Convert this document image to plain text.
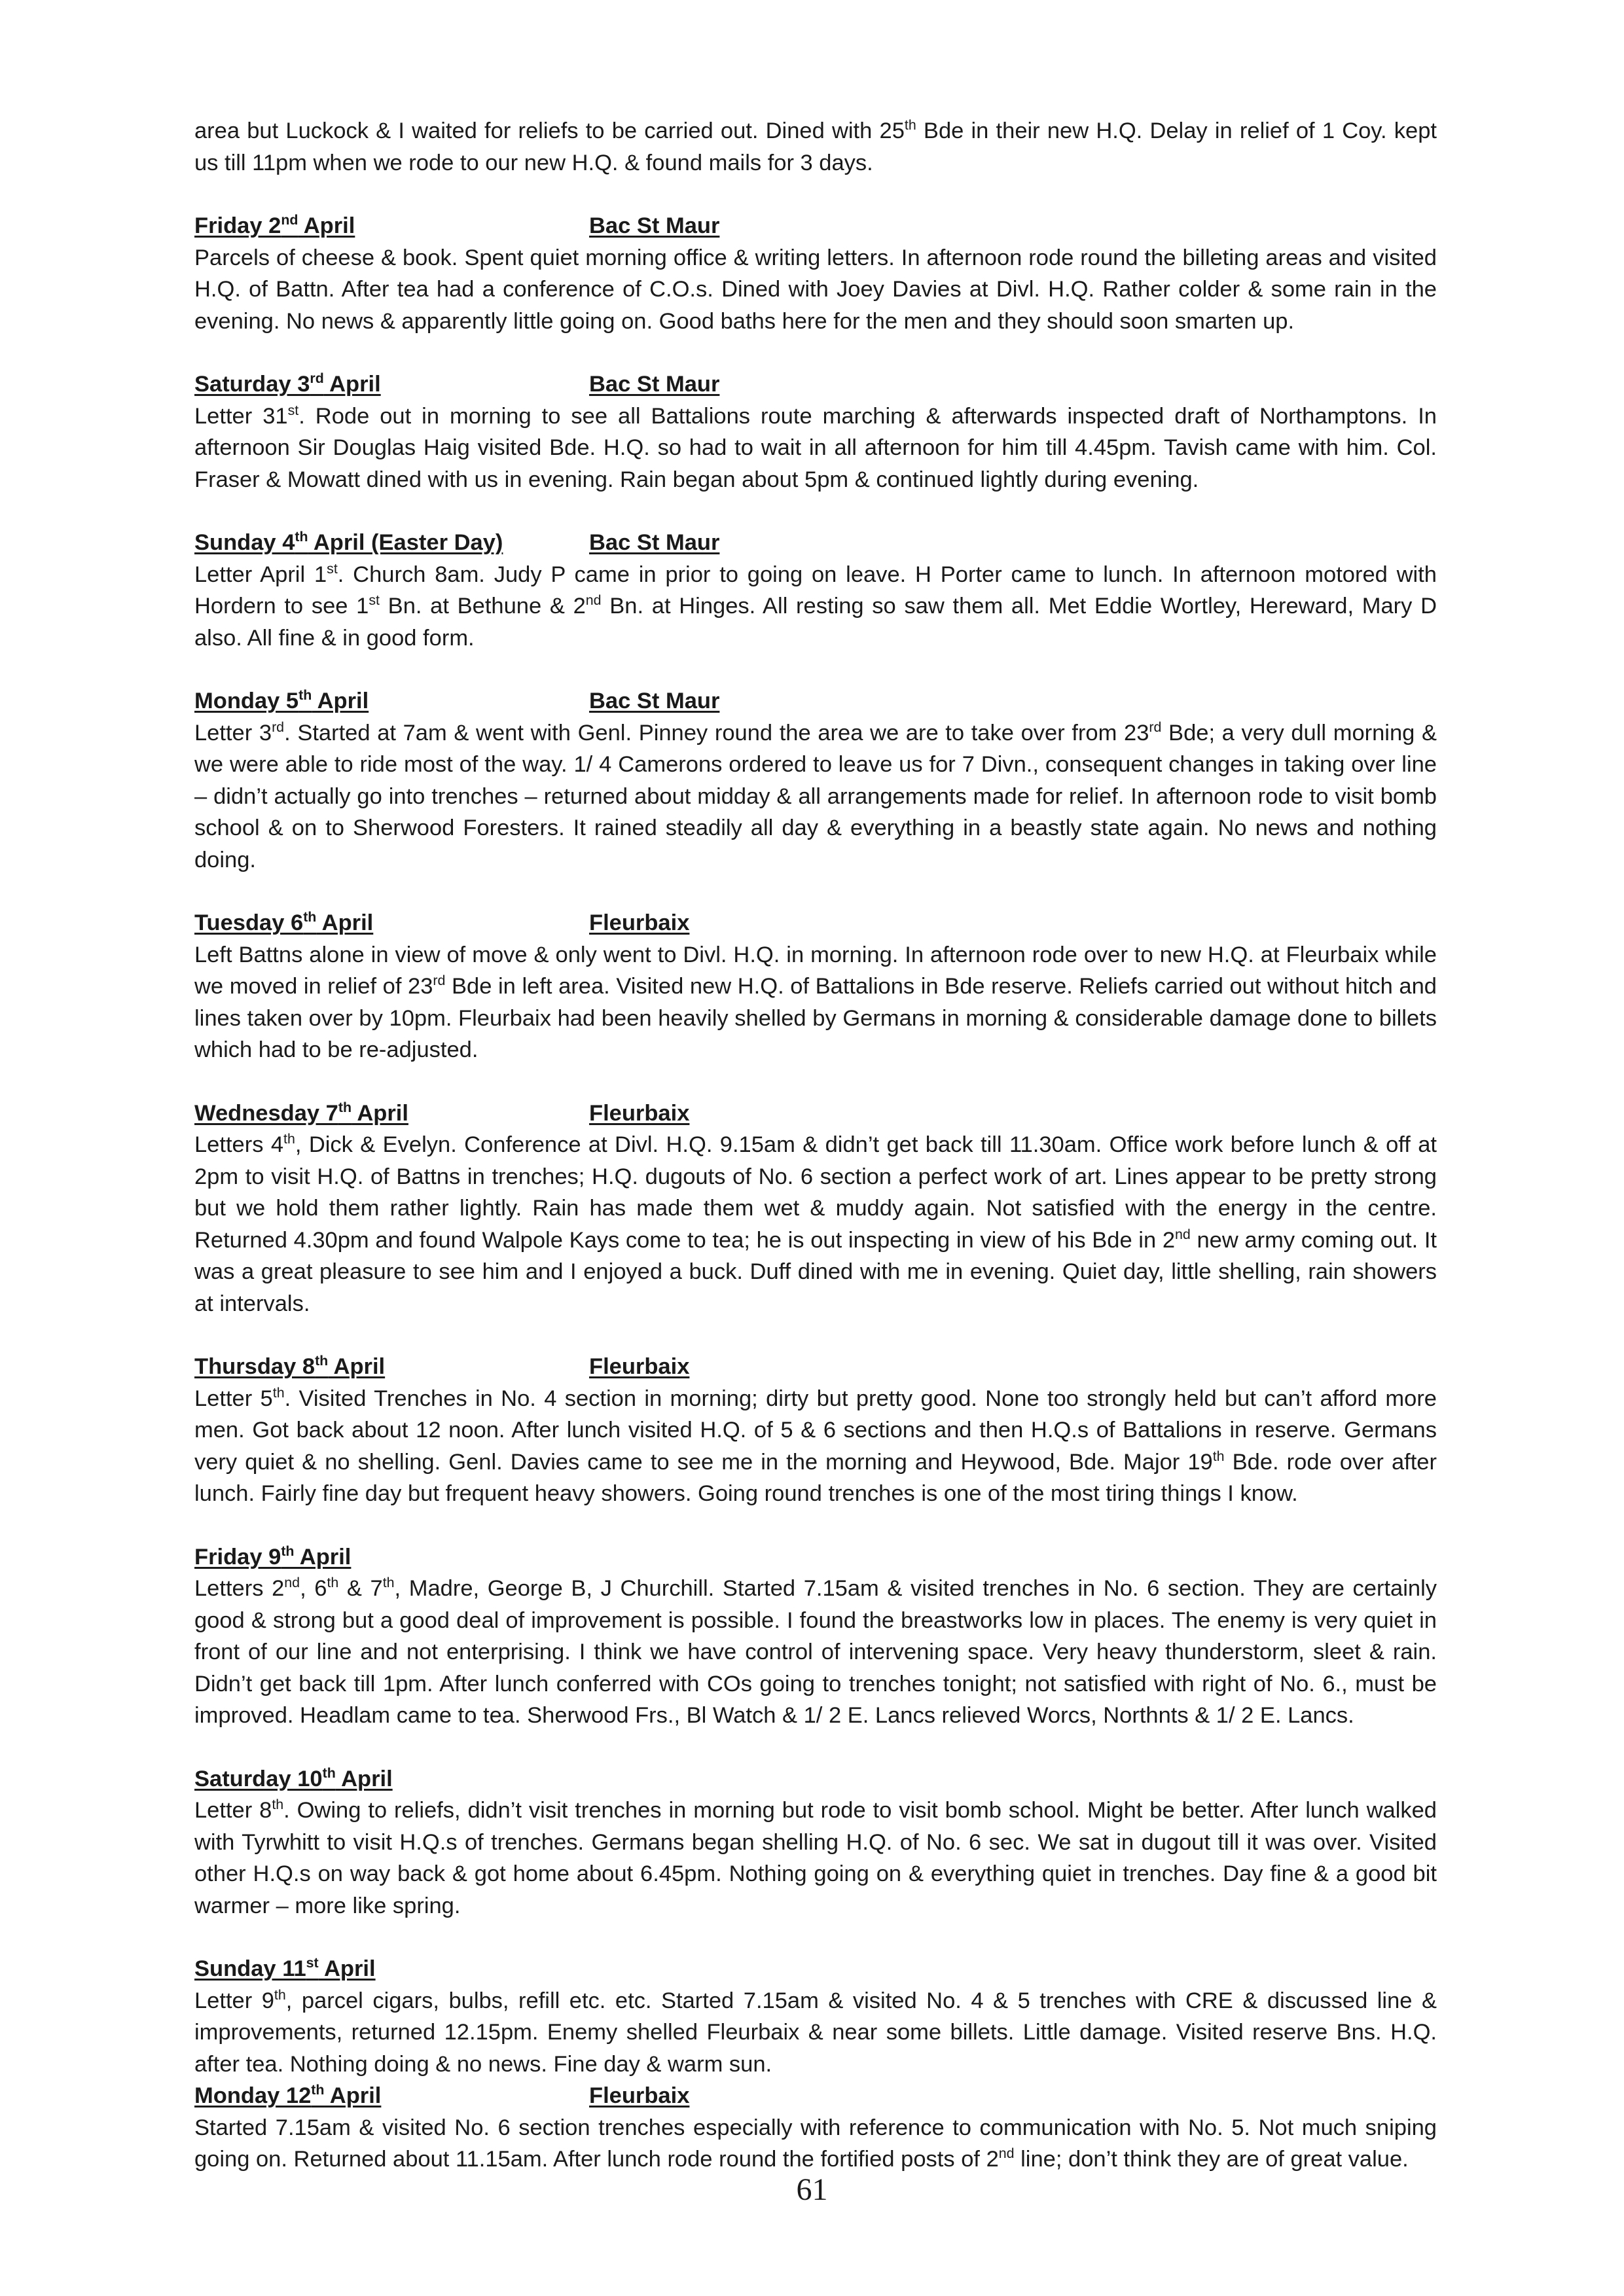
area but Luckock & I waited for reliefs to be carried out. Dined with 25th Bde in their new H.Q. Delay in relief of 1 Coy. kept us till 11pm when we rode to our new H.Q. & found mails for 3 days.

Friday 2nd April	Bac St Maur

Parcels of cheese & book. Spent quiet morning office & writing letters. In afternoon rode round the billeting areas and visited H.Q. of Battn. After tea had a conference of C.O.s. Dined with Joey Davies at Divl. H.Q. Rather colder & some rain in the evening. No news & apparently little going on. Good baths here for the men and they should soon smarten up.

Saturday 3rd April	Bac St Maur

Letter 31st. Rode out in morning to see all Battalions route marching & afterwards inspected draft of Northamptons. In afternoon Sir Douglas Haig visited Bde. H.Q. so had to wait in all afternoon for him till 4.45pm. Tavish came with him. Col. Fraser & Mowatt dined with us in evening. Rain began about 5pm & continued lightly during evening.

Sunday 4th April (Easter Day)	Bac St Maur

Letter April 1st. Church 8am. Judy P came in prior to going on leave. H Porter came to lunch. In afternoon motored with Hordern to see 1st Bn. at Bethune & 2nd Bn. at Hinges. All resting so saw them all. Met Eddie Wortley, Hereward, Mary D also. All fine & in good form.

Monday 5th April	Bac St Maur

Letter 3rd. Started at 7am & went with Genl. Pinney round the area we are to take over from 23rd Bde; a very dull morning & we were able to ride most of the way. 1/ 4 Camerons ordered to leave us for 7 Divn., consequent changes in taking over line – didn’t actually go into trenches – returned about midday & all arrangements made for relief. In afternoon rode to visit bomb school & on to Sherwood Foresters. It rained steadily all day & everything in a beastly state again. No news and nothing doing.

Tuesday 6th April	Fleurbaix

Left Battns alone in view of move & only went to Divl. H.Q. in morning. In afternoon rode over to new H.Q. at Fleurbaix while we moved in relief of 23rd Bde in left area. Visited new H.Q. of Battalions in Bde reserve. Reliefs carried out without hitch and lines taken over by 10pm. Fleurbaix had been heavily shelled by Germans in morning & considerable damage done to billets which had to be re-adjusted.

Wednesday 7th April	Fleurbaix

Letters 4th, Dick & Evelyn. Conference at Divl. H.Q. 9.15am & didn’t get back till 11.30am. Office work before lunch & off at 2pm to visit H.Q. of Battns in trenches; H.Q. dugouts of No. 6 section a perfect work of art. Lines appear to be pretty strong but we hold them rather lightly. Rain has made them wet & muddy again. Not satisfied with the energy in the centre. Returned 4.30pm and found Walpole Kays come to tea; he is out inspecting in view of his Bde in 2nd new army coming out. It was a great pleasure to see him and I enjoyed a buck. Duff dined with me in evening. Quiet day, little shelling, rain showers at intervals.

Thursday 8th April	Fleurbaix

Letter 5th. Visited Trenches in No. 4 section in morning; dirty but pretty good. None too strongly held but can’t afford more men. Got back about 12 noon. After lunch visited H.Q. of 5 & 6 sections and then H.Q.s of Battalions in reserve. Germans very quiet & no shelling. Genl. Davies came to see me in the morning and Heywood, Bde. Major 19th Bde. rode over after lunch. Fairly fine day but frequent heavy showers. Going round trenches is one of the most tiring things I know.

Friday 9th April

Letters 2nd, 6th & 7th, Madre, George B, J Churchill. Started 7.15am & visited trenches in No. 6 section. They are certainly good & strong but a good deal of improvement is possible. I found the breastworks low in places. The enemy is very quiet in front of our line and not enterprising. I think we have control of intervening space. Very heavy thunderstorm, sleet & rain. Didn’t get back till 1pm. After lunch conferred with COs going to trenches tonight; not satisfied with right of No. 6., must be improved. Headlam came to tea. Sherwood Frs., Bl Watch & 1/ 2 E. Lancs relieved Worcs, Northnts & 1/ 2 E. Lancs.

Saturday 10th April

Letter 8th. Owing to reliefs, didn’t visit trenches in morning but rode to visit bomb school. Might be better. After lunch walked with Tyrwhitt to visit H.Q.s of trenches. Germans began shelling H.Q. of No. 6 sec. We sat in dugout till it was over. Visited other H.Q.s on way back & got home about 6.45pm. Nothing going on & everything quiet in trenches. Day fine & a good bit warmer – more like spring.

Sunday 11st April

Letter 9th, parcel cigars, bulbs, refill etc. etc. Started 7.15am & visited No. 4 & 5 trenches with CRE & discussed line & improvements, returned 12.15pm. Enemy shelled Fleurbaix & near some billets. Little damage. Visited reserve Bns. H.Q. after tea. Nothing doing & no news. Fine day & warm sun.

Monday 12th April	Fleurbaix

Started 7.15am & visited No. 6 section trenches especially with reference to communication with No. 5. Not much sniping going on. Returned about 11.15am. After lunch rode round the fortified posts of 2nd line; don’t think they are of great value.

61
